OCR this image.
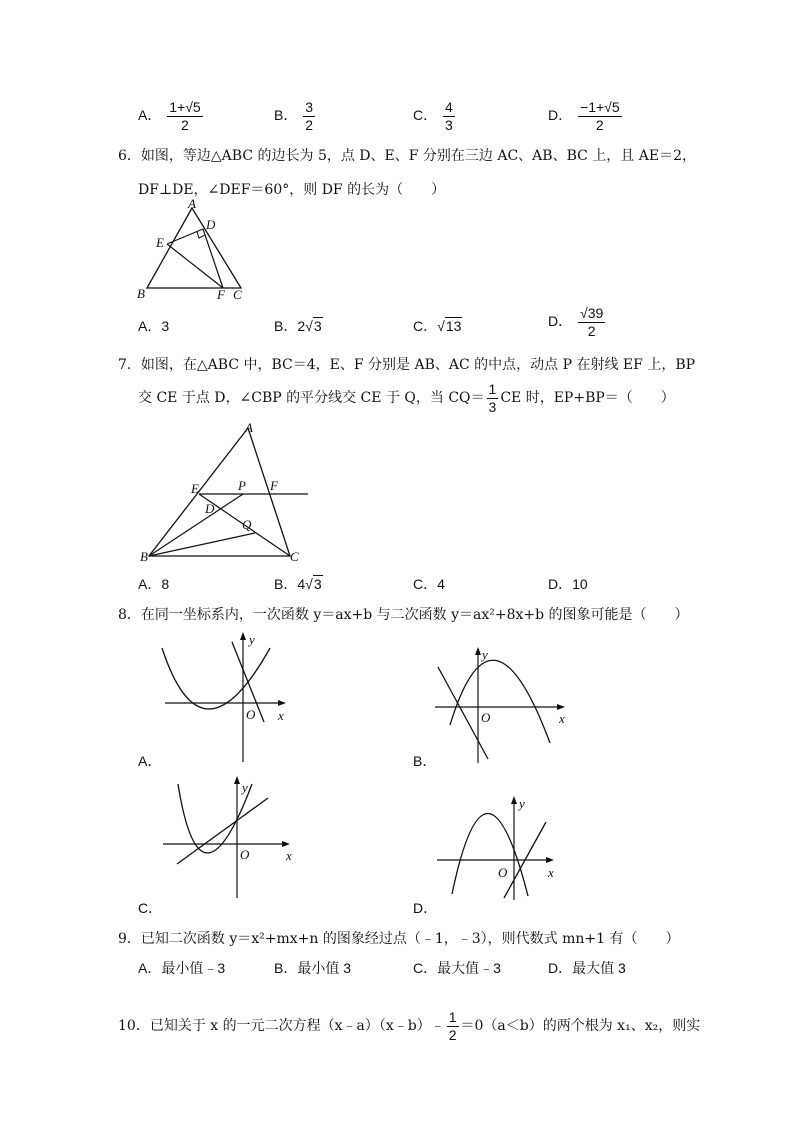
A． $\frac{1+√5}{2}$	B． $\frac{3}{2}$	C． $\frac{4}{3}$	D． $\frac{-1+√5}{2}$
6．如图，等边△ABC 的边长为 5，点 D、E、F 分别在三边 AC、AB、BC 上，且 AE＝2，
DF⊥DE，∠DEF＝60°，则 DF 的长为（　　）
A
D
E
B	F C
A．3	B．2√3	C．√13	D． $\frac{√39}{2}$
7．如图，在△ABC 中，BC＝4，E、F 分别是 AB、AC 的中点，动点 P 在射线 EF 上，BP
交 CE 于点 D，∠CBP 的平分线交 CE 于 Q，当 $CQ= \frac{1}{3}$ CE 时，EP+BP＝（　　）
A
E	P F
D
Q
B	C
A．8	B．4√3	C．4	D．10
8．在同一坐标系内，一次函数 y＝ax+b 与二次函数 y＝ax²+8x+b 的图象可能是（　　）
y
x
O
A．
y
x
O
B．
y
x
O
C．
y
x
O
D．
9．已知二次函数 y＝x²+mx+n 的图象经过点（﹣1，﹣3），则代数式 mn+1 有（　　）
A．最小值﹣3	B．最小值 3	C．最大值﹣3	D．最大值 3
10．已知关于 x 的一元二次方程（x﹣a）（x﹣b）﹣ $\frac{1}{2} =0(a<b)$的两个根为 x₁、x₂，则实
